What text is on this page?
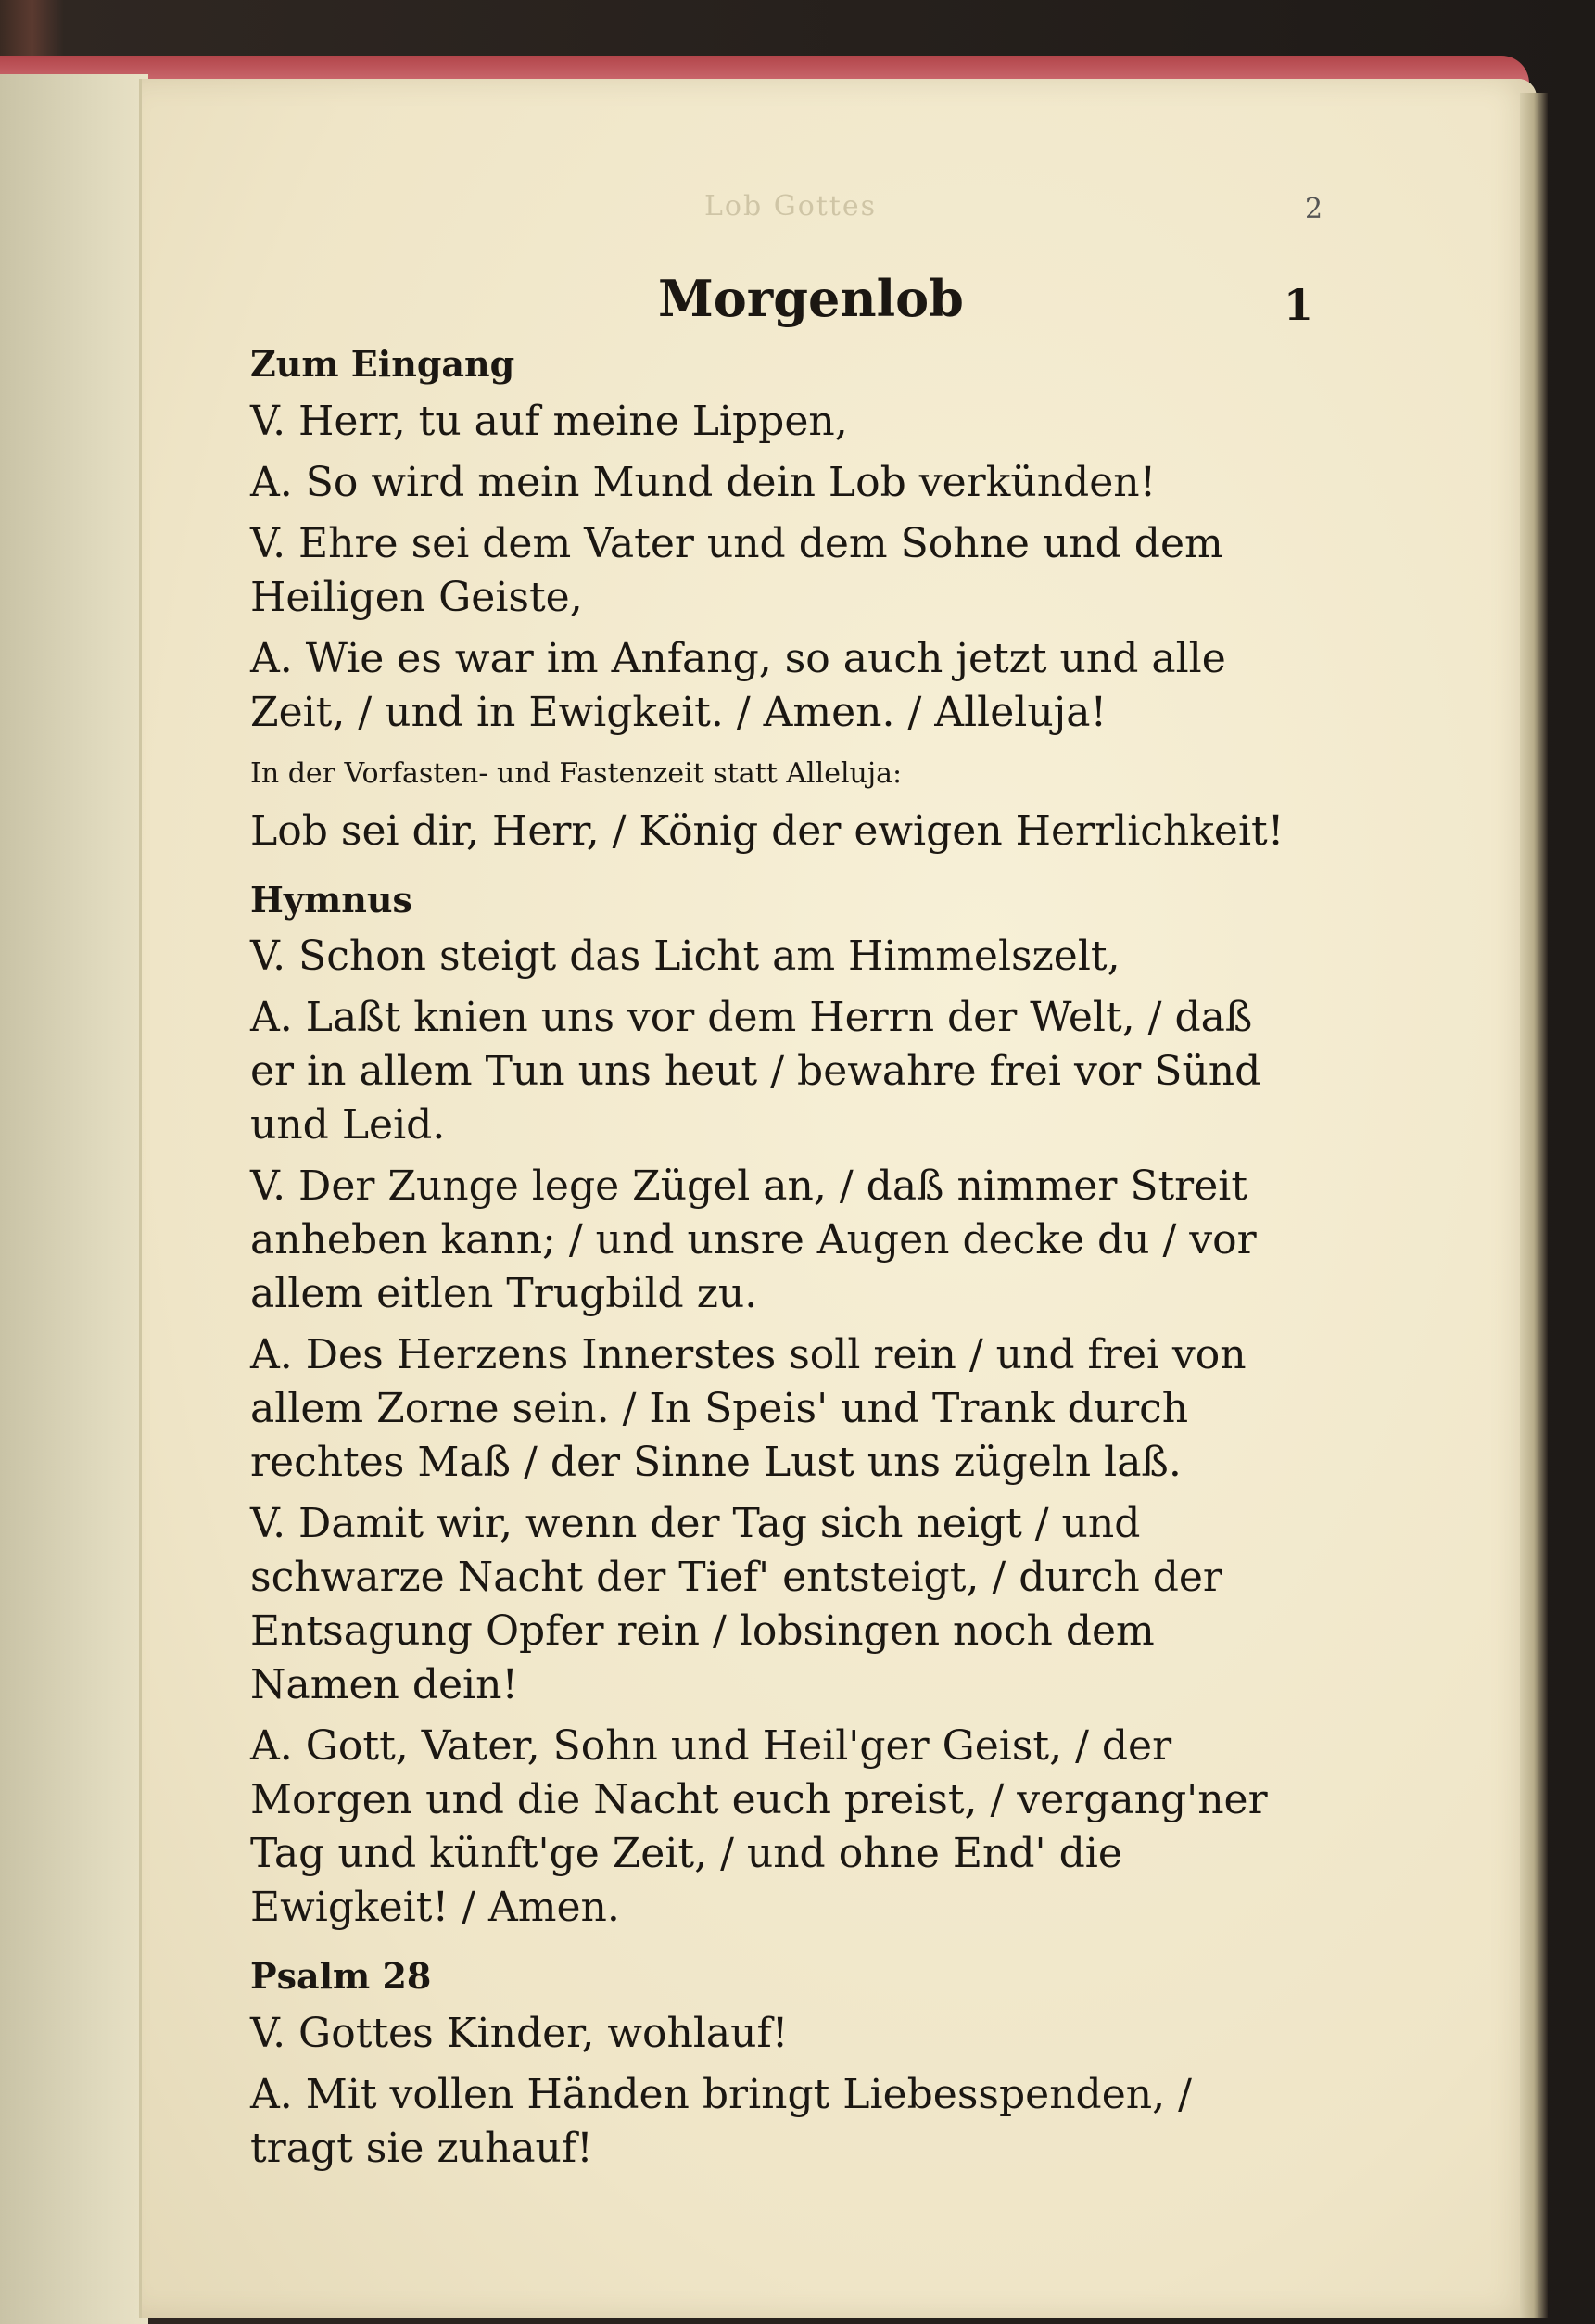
Lob Gottes	2
Morgenlob	1
Zum Eingang
V. Herr, tu auf meine Lippen,
A. So wird mein Mund dein Lob verkünden!
V. Ehre sei dem Vater und dem Sohne und dem Heiligen Geiste,
A. Wie es war im Anfang, so auch jetzt und alle Zeit, / und in Ewigkeit. / Amen. / Alleluja!
In der Vorfasten- und Fastenzeit statt Alleluja:
Lob sei dir, Herr, / König der ewigen Herrlichkeit!
Hymnus
V. Schon steigt das Licht am Himmelszelt,
A. Laßt knien uns vor dem Herrn der Welt, / daß er in allem Tun uns heut / bewahre frei vor Sünd und Leid.
V. Der Zunge lege Zügel an, / daß nimmer Streit anheben kann; / und unsre Augen decke du / vor allem eitlen Trugbild zu.
A. Des Herzens Innerstes soll rein / und frei von allem Zorne sein. / In Speis' und Trank durch rechtes Maß / der Sinne Lust uns zügeln laß.
V. Damit wir, wenn der Tag sich neigt / und schwarze Nacht der Tief' entsteigt, / durch der Entsagung Opfer rein / lobsingen noch dem Namen dein!
A. Gott, Vater, Sohn und Heil'ger Geist, / der Morgen und die Nacht euch preist, / vergang'ner Tag und künft'ge Zeit, / und ohne End' die Ewigkeit! / Amen.
Psalm 28
V. Gottes Kinder, wohlauf!
A. Mit vollen Händen bringt Liebesspenden, / tragt sie zuhauf!
